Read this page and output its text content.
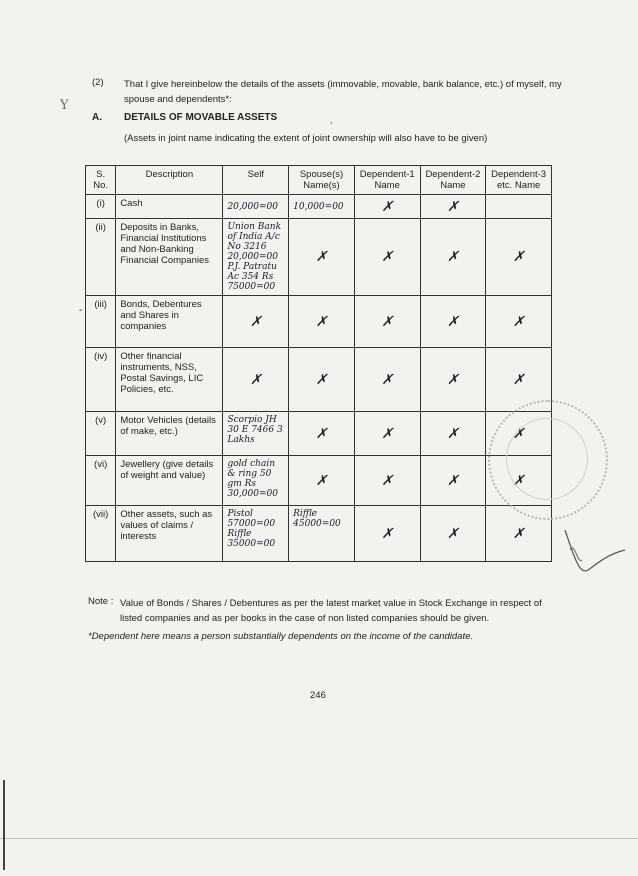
Y
(2) That I give hereinbelow the details of the assets (immovable, movable, bank balance, etc.) of myself, my spouse and dependents*:
A. DETAILS OF MOVABLE ASSETS	,
(Assets in joint name indicating the extent of joint ownership will also have to be given)
-
S. No.	Description	Self	Spouse(s) Name(s)	Dependent-1 Name	Dependent-2 Name	Dependent-3 etc. Name
(i)	Cash	20,000=00	10,000=00	✗	✗	
(ii)	Deposits in Banks, Financial Institutions and Non-Banking Financial Companies	Union Bank of India A/c No 3216 20,000=00 P.J. Patratu Ac 354 Rs 75000=00	✗	✗	✗	✗
(iii)	Bonds, Debentures and Shares in companies	✗	✗	✗	✗	✗
(iv)	Other financial instruments, NSS, Postal Savings, LIC Policies, etc.	✗	✗	✗	✗	✗
(v)	Motor Vehicles (details of make, etc.)	Scorpio JH 30 E 7466 3 Lakhs	✗	✗	✗	✗
(vi)	Jewellery (give details of weight and value)	gold chain & ring 50 gm Rs 30,000=00	✗	✗	✗	✗
(vii)	Other assets, such as values of claims / interests	Pistol 57000=00 Riffle 35000=00	Riffle 45000=00	✗	✗	✗
Note : Value of Bonds / Shares / Debentures as per the latest market value in Stock Exchange in respect of listed companies and as per books in the case of non listed companies should be given.
*Dependent here means a person substantially dependents on the income of the candidate.
246
